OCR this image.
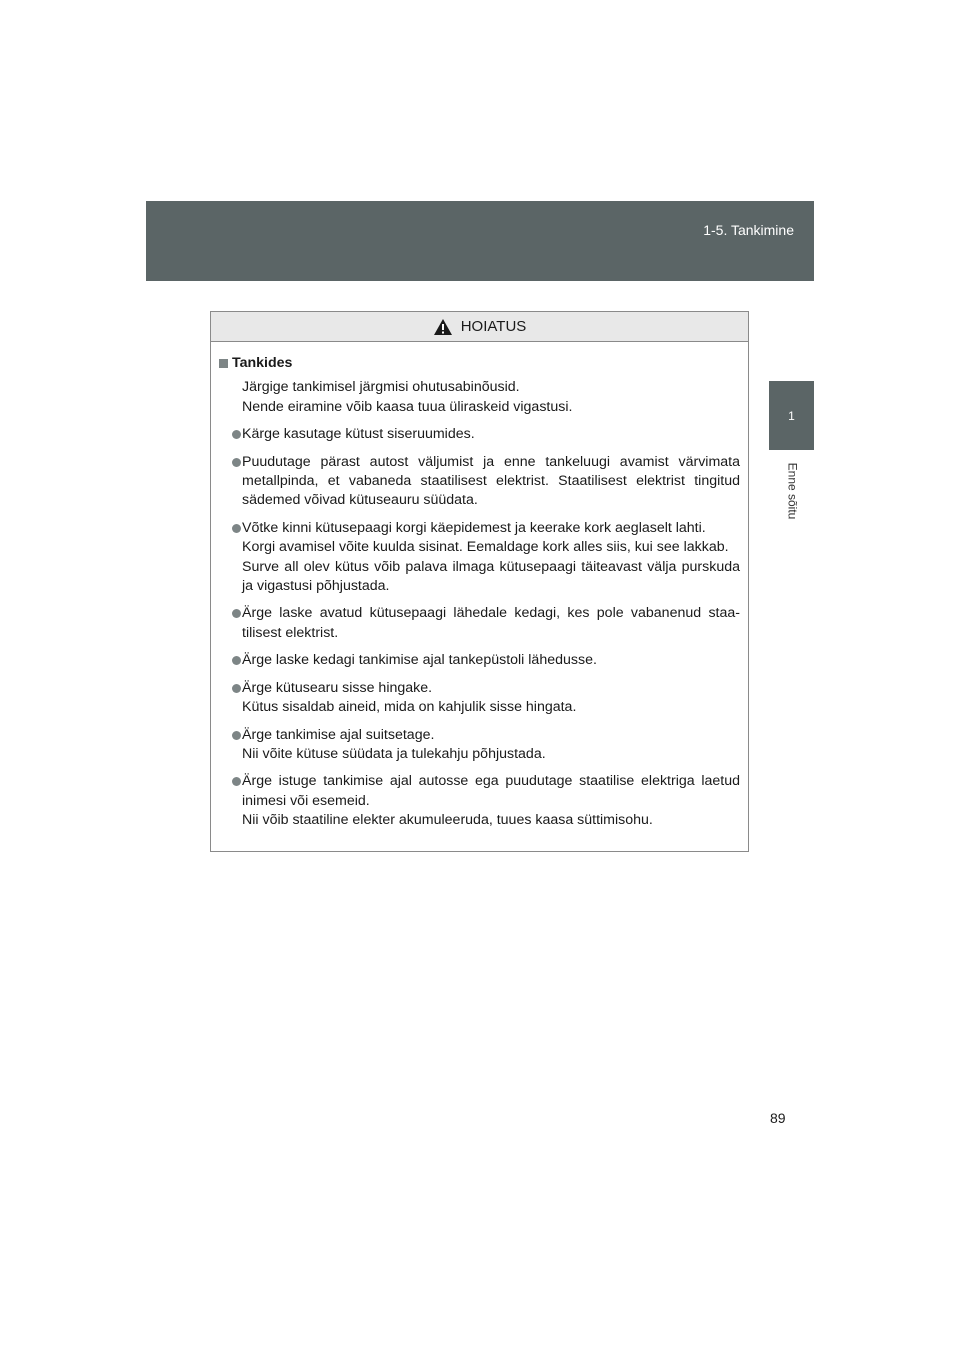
1-5. Tankimine
1
Enne sõitu
HOIATUS
Tankides
Järgige tankimisel järgmisi ohutusabinõusid.
Nende eiramine võib kaasa tuua üliraskeid vigastusi.
Kärge kasutage kütust siseruumides.
Puudutage pärast autost väljumist ja enne tankeluugi avamist värvimata metallpinda, et vabaneda staatilisest elektrist. Staatilisest elektrist tingitud sädemed võivad kütuseauru süüdata.
Võtke kinni kütusepaagi korgi käepidemest ja keerake kork aeglaselt lahti.
Korgi avamisel võite kuulda sisinat. Eemaldage kork alles siis, kui see lakkab.
Surve all olev kütus võib palava ilmaga kütusepaagi täiteavast välja purskuda ja vigastusi põhjustada.
Ärge laske avatud kütusepaagi lähedale kedagi, kes pole vabanenud staatilisest elektrist.
Ärge laske kedagi tankimise ajal tankepüstoli lähedusse.
Ärge kütusearu sisse hingake.
Kütus sisaldab aineid, mida on kahjulik sisse hingata.
Ärge tankimise ajal suitsetage.
Nii võite kütuse süüdata ja tulekahju põhjustada.
Ärge istuge tankimise ajal autosse ega puudutage staatilise elektriga laetud inimesi või esemeid.
Nii võib staatiline elekter akumuleeruda, tuues kaasa süttimisohu.
89
